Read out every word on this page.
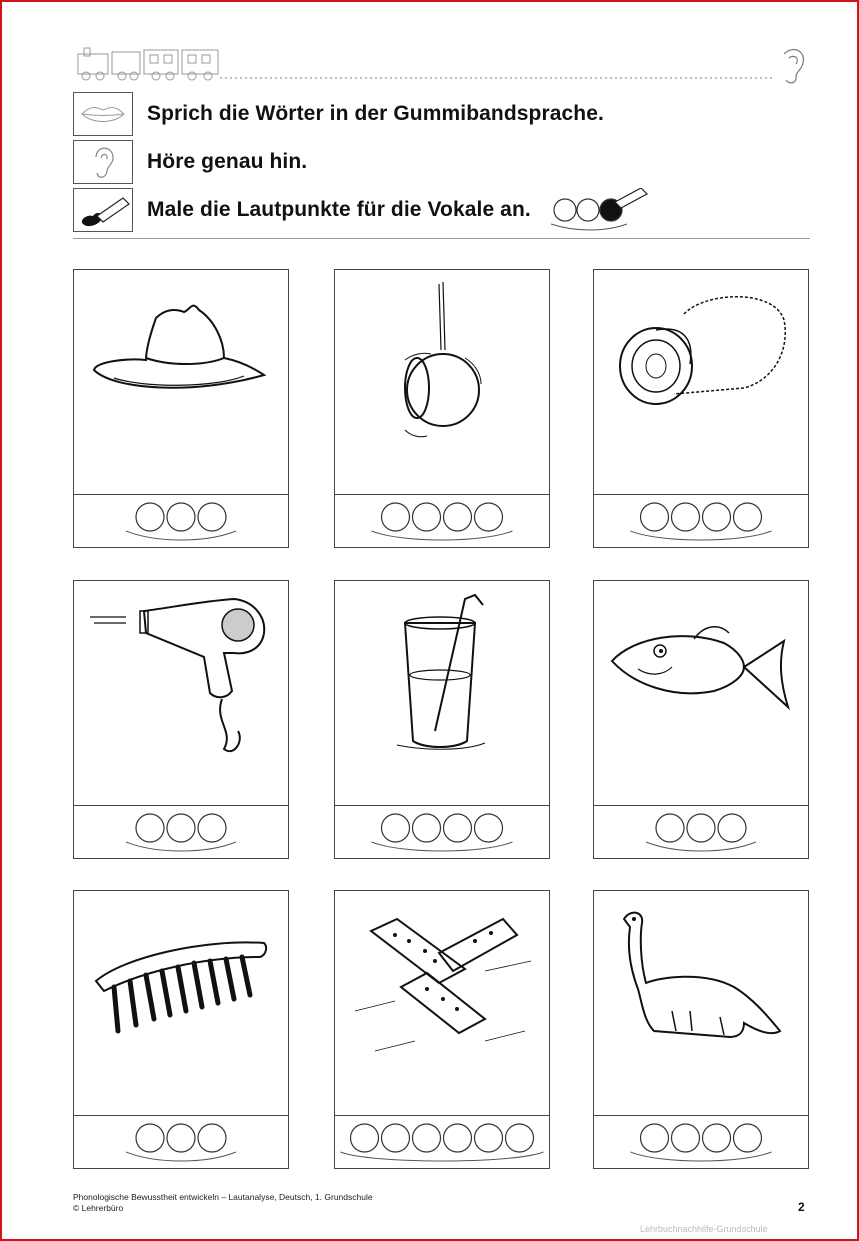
Sprich die Wörter in der Gummibandsprache.
Höre genau hin.
Male die Lautpunkte für die Vokale an.
Phonologische Bewusstheit entwickeln – Lautanalyse, Deutsch, 1. Grundschule
© Lehrerbüro	2
Lehrbuchnachhilfe-Grundschule
